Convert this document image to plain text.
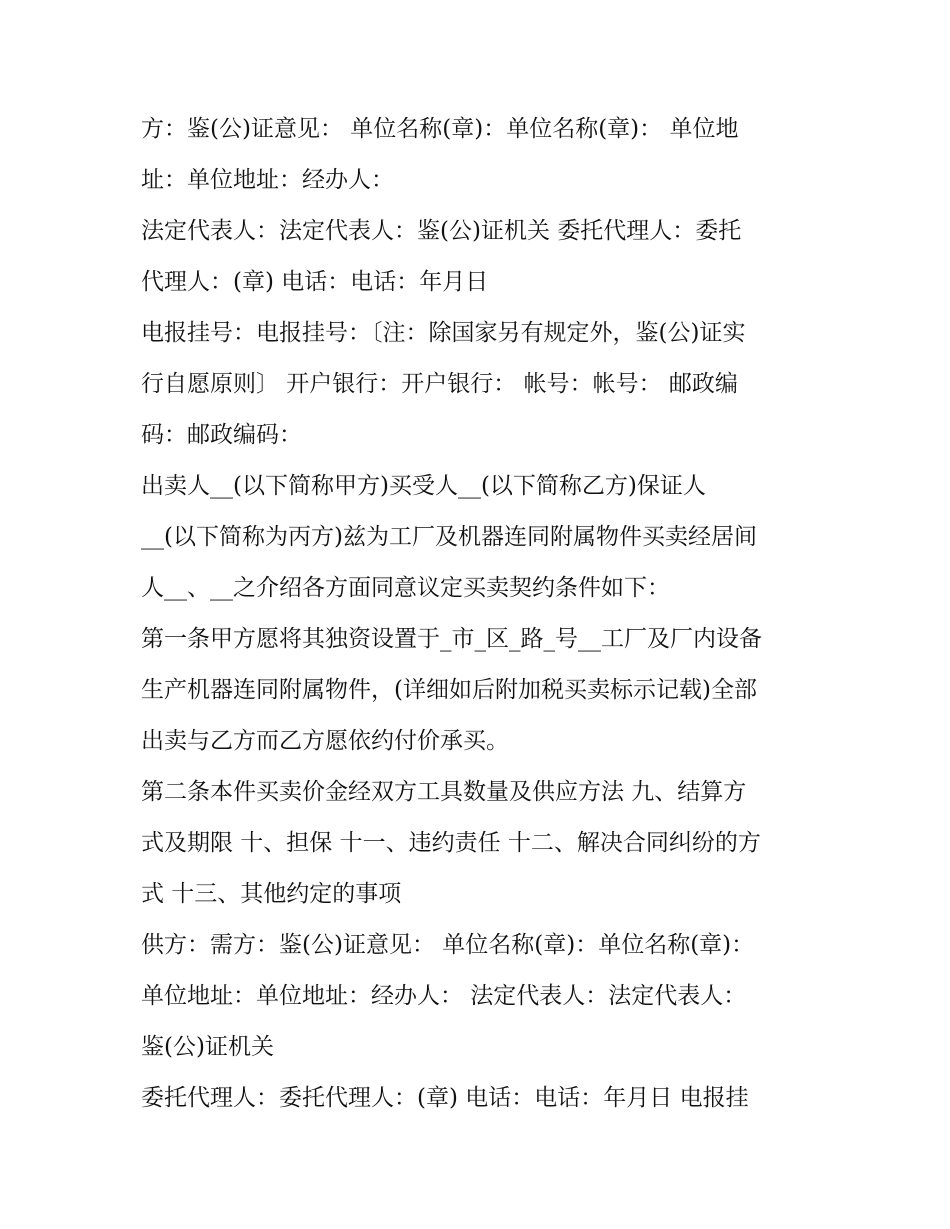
方：鉴(公)证意见： 单位名称(章)：单位名称(章)： 单位地
址：单位地址：经办人：
法定代表人：法定代表人：鉴(公)证机关 委托代理人：委托
代理人：(章) 电话：电话：年月日
电报挂号：电报挂号：〔注：除国家另有规定外，鉴(公)证实
行自愿原则〕 开户银行：开户银行： 帐号：帐号： 邮政编
码：邮政编码：
出卖人__(以下简称甲方)买受人__(以下简称乙方)保证人
__(以下简称为丙方)兹为工厂及机器连同附属物件买卖经居间
人__、__之介绍各方面同意议定买卖契约条件如下：
第一条甲方愿将其独资设置于_市_区_路_号__工厂及厂内设备
生产机器连同附属物件，(详细如后附加税买卖标示记载)全部
出卖与乙方而乙方愿依约付价承买。
第二条本件买卖价金经双方工具数量及供应方法 九、结算方
式及期限 十、担保 十一、违约责任 十二、解决合同纠纷的方
式 十三、其他约定的事项
供方：需方：鉴(公)证意见： 单位名称(章)：单位名称(章)：
单位地址：单位地址：经办人： 法定代表人：法定代表人：
鉴(公)证机关
委托代理人：委托代理人：(章) 电话：电话：年月日 电报挂
